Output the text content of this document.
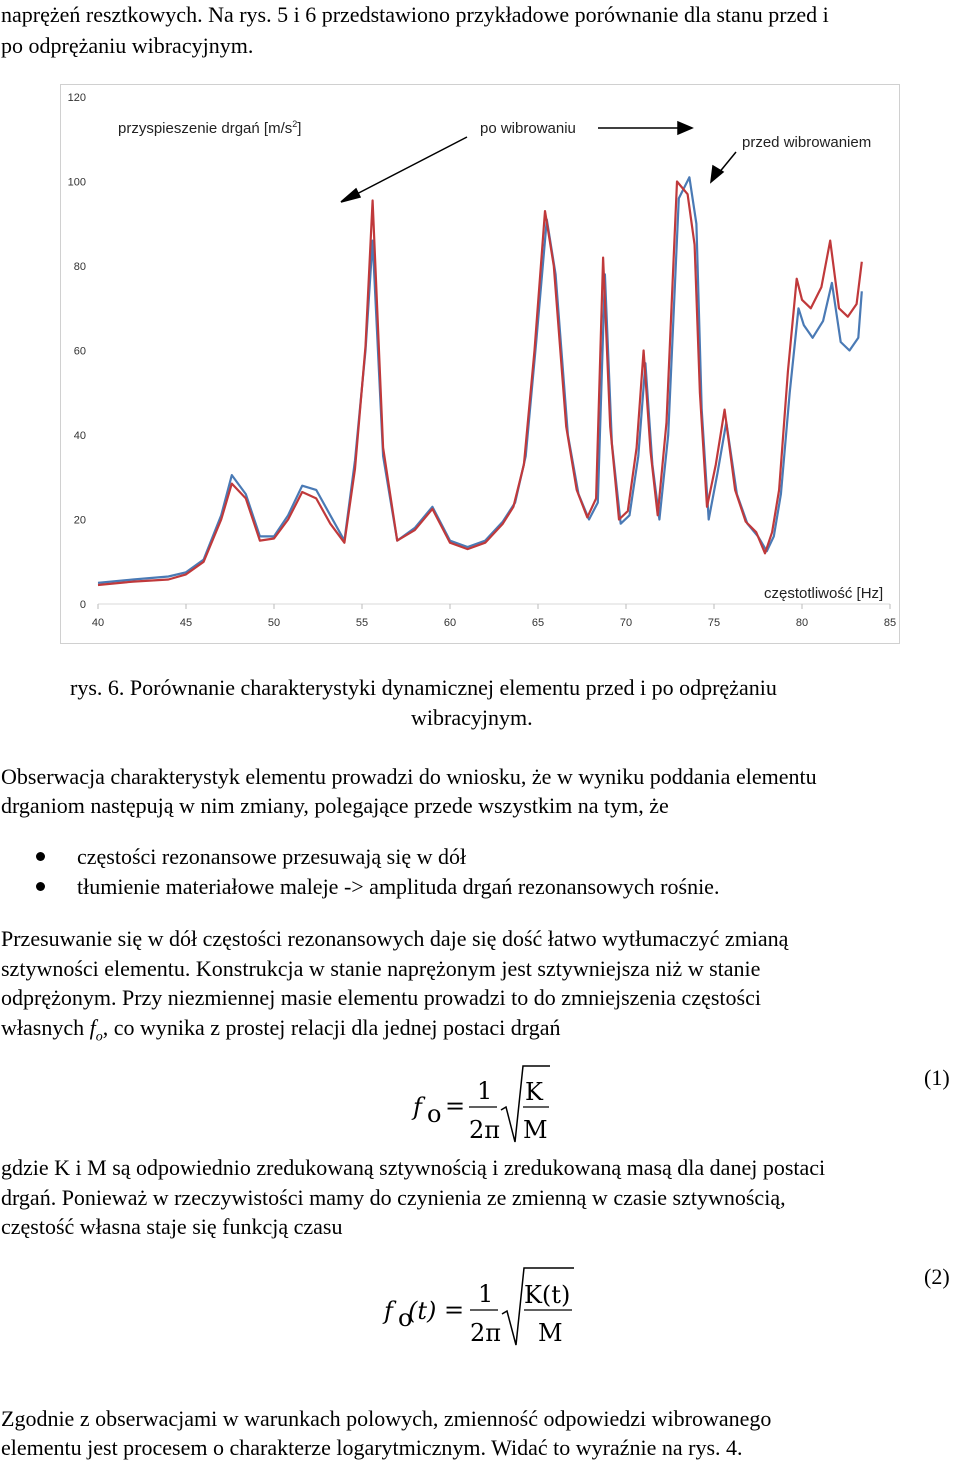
naprężeń resztkowych. Na rys. 5 i 6 przedstawiono przykładowe porównanie dla stanu przed i
po odprężaniu wibracyjnym.
0
20
40
60
80
100
120
40	45	50	55	60	65	70	75	80	85
przyspieszenie drgań $[m/s^2]$	po wibrowaniu
przed wibrowaniem
częstotliwość [Hz]
rys. 6. Porównanie charakterystyki dynamicznej elementu przed i po odprężaniu
wibracyjnym.
Obserwacja charakterystyk elementu prowadzi do wniosku, że w wyniku poddania elementu
drganiom następują w nim zmiany, polegające przede wszystkim na tym, że
częstości rezonansowe przesuwają się w dół
tłumienie materiałowe maleje -> amplituda drgań rezonansowych rośnie.
Przesuwanie się w dół częstości rezonansowych daje się dość łatwo wytłumaczyć zmianą
sztywności elementu. Konstrukcja w stanie naprężonym jest sztywniejsza niż w stanie
odprężonym. Przy niezmiennej masie elementu prowadzi to do zmniejszenia częstości
własnych $f_o$, co wynika z prostej relacji dla jednej postaci drgań
f o =
1
2π
K
M
(1)
gdzie K i M są odpowiednio zredukowaną sztywnością i zredukowaną masą dla danej postaci
drgań. Ponieważ w rzeczywistości mamy do czynienia ze zmienną w czasie sztywnością,
częstość własna staje się funkcją czasu
f o
(t) =
1
2π
K(t)
M
(2)
Zgodnie z obserwacjami w warunkach polowych, zmienność odpowiedzi wibrowanego
elementu jest procesem o charakterze logarytmicznym. Widać to wyraźnie na rys. 4.
